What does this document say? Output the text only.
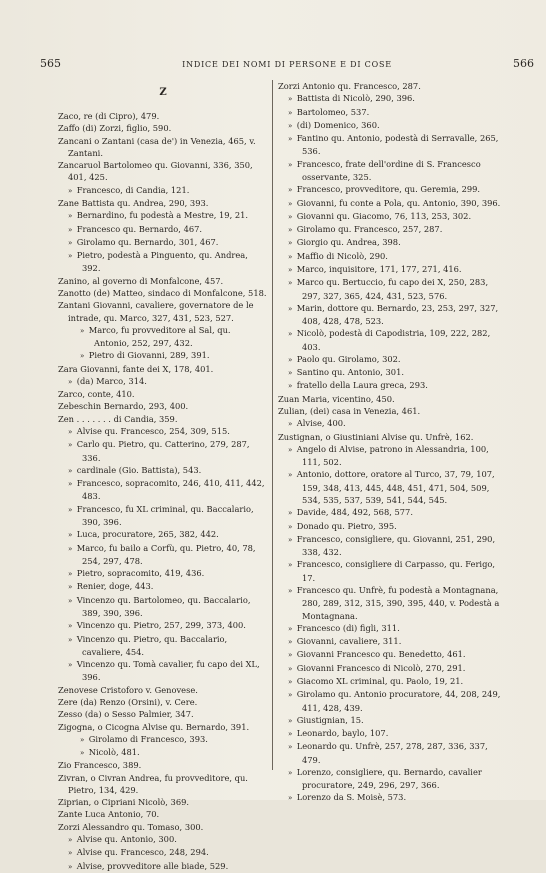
565	INDICE DEI NOMI DI PERSONE E DI COSE	566
Z
Zaco, re (di Cipro), 479.
Zaffo (di) Zorzi, figlio, 590.
Zancani o Zantani (casa de') in Venezia, 465, v. Zantani.
Zancaruol Bartolomeo qu. Giovanni, 336, 350, 401, 425.
»  Francesco, di Candia, 121.
Zane Battista qu. Andrea, 290, 393.
»  Bernardino, fu podestà a Mestre, 19, 21.
»  Francesco qu. Bernardo, 467.
»  Girolamo qu. Bernardo, 301, 467.
»  Pietro, podestà a Pinguento, qu. Andrea, 392.
Zanino, al governo di Monfalcone, 457.
Zanotto (de) Matteo, sindaco di Monfalcone, 518.
Zantani Giovanni, cavaliere, governatore de le intrade, qu. Marco, 327, 431, 523, 527.
»  Marco, fu provveditore al Sal, qu. Antonio, 252, 297, 432.
»  Pietro di Giovanni, 289, 391.
Zara Giovanni, fante dei X, 178, 401.
»  (da) Marco, 314.
Zarco, conte, 410.
Zebeschin Bernardo, 293, 400.
Zen . . . . . . . di Candia, 359.
»  Alvise qu. Francesco, 254, 309, 515.
»  Carlo qu. Pietro, qu. Catterino, 279, 287, 336.
»  cardinale (Gio. Battista), 543.
»  Francesco, sopracomito, 246, 410, 411, 442, 483.
»  Francesco, fu XL criminal, qu. Baccalario, 390, 396.
»  Luca, procuratore, 265, 382, 442.
»  Marco, fu bailo a Corfù, qu. Pietro, 40, 78, 254, 297, 478.
»  Pietro, sopracomito, 419, 436.
»  Renier, doge, 443.
»  Vincenzo qu. Bartolomeo, qu. Baccalario, 389, 390, 396.
»  Vincenzo qu. Pietro, 257, 299, 373, 400.
»  Vincenzo qu. Pietro, qu. Baccalario, cavaliere, 454.
»  Vincenzo qu. Tomà cavalier, fu capo dei XL, 396.
Zenovese Cristoforo v. Genovese.
Zere (da) Renzo (Orsini), v. Cere.
Zesso (da) o Sesso Palmier, 347.
Zigogna, o Cicogna Alvise qu. Bernardo, 391.
»  Girolamo di Francesco, 393.
»  Nicolò, 481.
Zio Francesco, 389.
Zivran, o Civran Andrea, fu provveditore, qu. Pietro, 134, 429.
Ziprian, o Cipriani Nicolò, 369.
Zante Luca Antonio, 70.
Zorzi Alessandro qu. Tomaso, 300.
»  Alvise qu. Antonio, 300.
»  Alvise qu. Francesco, 248, 294.
»  Alvise, provveditore alle biade, 529.
Zorzi Antonio qu. Francesco, 287.
»  Battista di Nicolò, 290, 396.
»  Bartolomeo, 537.
»  (di) Domenico, 360.
»  Fantino qu. Antonio, podestà di Serravalle, 265, 536.
»  Francesco, frate dell'ordine di S. Francesco osservante, 325.
»  Francesco, provveditore, qu. Geremia, 299.
»  Giovanni, fu conte a Pola, qu. Antonio, 390, 396.
»  Giovanni qu. Giacomo, 76, 113, 253, 302.
»  Girolamo qu. Francesco, 257, 287.
»  Giorgio qu. Andrea, 398.
»  Maffio di Nicolò, 290.
»  Marco, inquisitore, 171, 177, 271, 416.
»  Marco qu. Bertuccio, fu capo dei X, 250, 283, 297, 327, 365, 424, 431, 523, 576.
»  Marin, dottore qu. Bernardo, 23, 253, 297, 327, 408, 428, 478, 523.
»  Nicolò, podestà di Capodistria, 109, 222, 282, 403.
»  Paolo qu. Girolamo, 302.
»  Santino qu. Antonio, 301.
»  fratello della Laura greca, 293.
Zuan Maria, vicentino, 450.
Zulian, (dei) casa in Venezia, 461.
»  Alvise, 400.
Zustignan, o Giustiniani Alvise qu. Unfrè, 162.
»  Angelo di Alvise, patrono in Alessandria, 100, 111, 502.
»  Antonio, dottore, oratore al Turco, 37, 79, 107, 159, 348, 413, 445, 448, 451, 471, 504, 509, 534, 535, 537, 539, 541, 544, 545.
»  Davide, 484, 492, 568, 577.
»  Donado qu. Pietro, 395.
»  Francesco, consigliere, qu. Giovanni, 251, 290, 338, 432.
»  Francesco, consigliere di Carpasso, qu. Ferigo, 17.
»  Francesco qu. Unfrè, fu podestà a Montagnana, 280, 289, 312, 315, 390, 395, 440, v. Podestà a Montagnana.
»  Francesco (di) figli, 311.
»  Giovanni, cavaliere, 311.
»  Giovanni Francesco qu. Benedetto, 461.
»  Giovanni Francesco di Nicolò, 270, 291.
»  Giacomo XL criminal, qu. Paolo, 19, 21.
»  Girolamo qu. Antonio procuratore, 44, 208, 249, 411, 428, 439.
»  Giustignian, 15.
»  Leonardo, baylo, 107.
»  Leonardo qu. Unfrè, 257, 278, 287, 336, 337, 479.
»  Lorenzo, consigliere, qu. Bernardo, cavalier procuratore, 249, 296, 297, 366.
»  Lorenzo da S. Moisè, 573.
